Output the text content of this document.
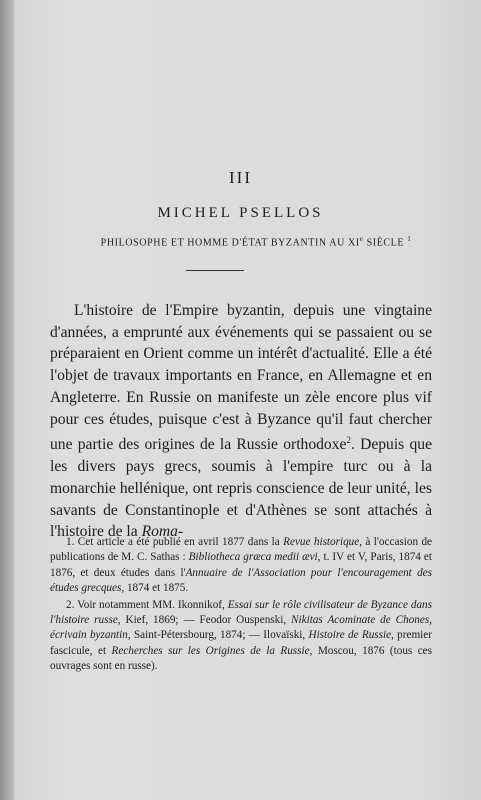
III
MICHEL PSELLOS
PHILOSOPHE ET HOMME D'ÉTAT BYZANTIN AU XIe SIÈCLE $^1$

L'histoire de l'Empire byzantin, depuis une vingtaine d'années, a emprunté aux événements qui se passaient ou se préparaient en Orient comme un intérêt d'actualité. Elle a été l'objet de travaux importants en France, en Allemagne et en Angleterre. En Russie on manifeste un zèle encore plus vif pour ces études, puisque c'est à Byzance qu'il faut chercher une partie des origines de la Russie orthodoxe$^2$. Depuis que les divers pays grecs, soumis à l'empire turc ou à la monarchie hellénique, ont repris conscience de leur unité, les savants de Constantinople et d'Athènes se sont attachés à l'histoire de la Roma-

1. Cet article a été publié en avril 1877 dans la Revue historique, à l'occasion de publications de M. C. Sathas : Bibliotheca græca medii ævi, t. IV et V, Paris, 1874 et 1876, et deux études dans l'Annuaire de l'Association pour l'encouragement des études grecques, 1874 et 1875.

2. Voir notamment MM. Ikonnikof, Essai sur le rôle civilisateur de Byzance dans l'histoire russe, Kief, 1869; — Feodor Ouspenski, Nikitas Acominate de Chones, écrivain byzantin, Saint-Pétersbourg, 1874; — Ilovaïski, Histoire de Russie, premier fascicule, et Recherches sur les Origines de la Russie, Moscou, 1876 (tous ces ouvrages sont en russe).
